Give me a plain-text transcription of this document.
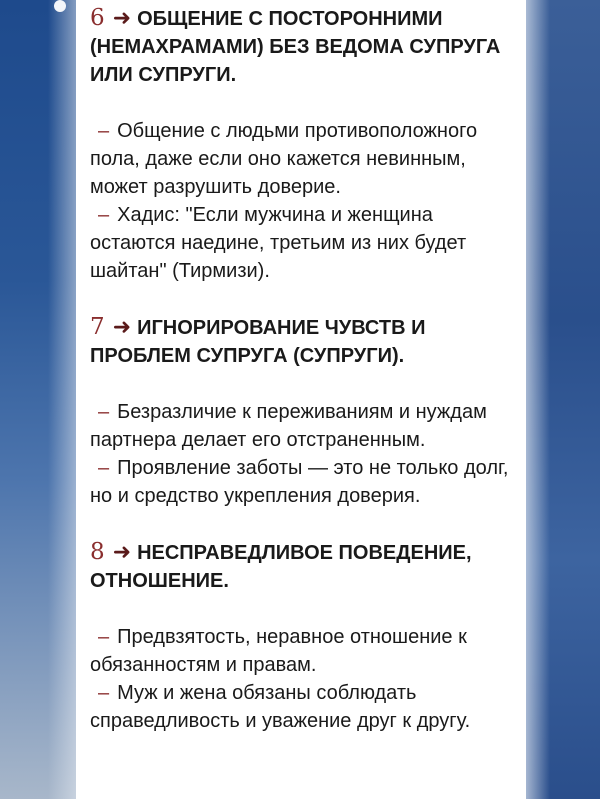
6 ➜ ОБЩЕНИЕ С ПОСТОРОННИМИ (НЕМАХРАМАМИ) БЕЗ ВЕДОМА СУПРУГА ИЛИ СУПРУГИ.

– Общение с людьми противоположного пола, даже если оно кажется невинным, может разрушить доверие.

– Хадис: "Если мужчина и женщина остаются наедине, третьим из них будет шайтан" (Тирмизи).

7 ➜ ИГНОРИРОВАНИЕ ЧУВСТВ И ПРОБЛЕМ СУПРУГА (СУПРУГИ).

– Безразличие к переживаниям и нуждам партнера делает его отстраненным.

– Проявление заботы — это не только долг, но и средство укрепления доверия.

8 ➜ НЕСПРАВЕДЛИВОЕ ПОВЕДЕНИЕ, ОТНОШЕНИЕ.

– Предвзятость, неравное отношение к обязанностям и правам.

– Муж и жена обязаны соблюдать справедливость и уважение друг к другу.
